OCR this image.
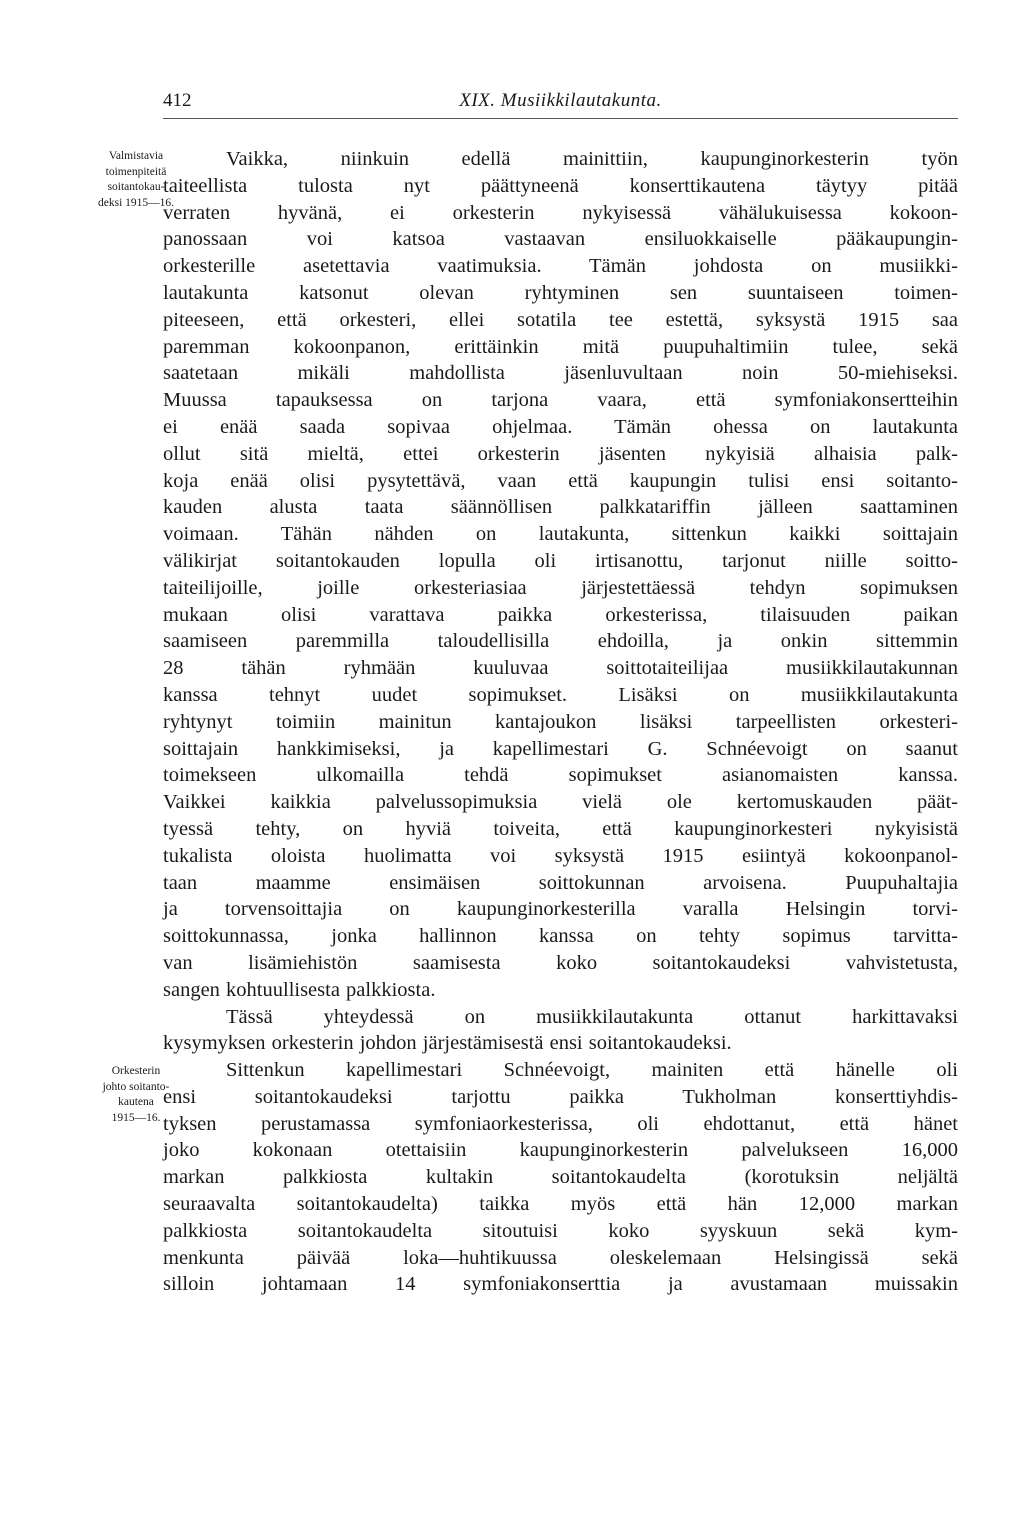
412	XIX. Musiikkilautakunta.
Valmistavia
toimenpiteitä
soitantokau-
deksi 1915—16.
Orkesterin
johto soitanto-
kautena
1915—16.
Vaikka, niinkuin edellä mainittiin, kaupunginorkesterin työn
taiteellista tulosta nyt päättyneenä konserttikautena täytyy pitää
verraten hyvänä, ei orkesterin nykyisessä vähälukuisessa kokoon-
panossaan voi katsoa vastaavan ensiluokkaiselle pääkaupungin-
orkesterille asetettavia vaatimuksia. Tämän johdosta on musiikki-
lautakunta katsonut olevan ryhtyminen sen suuntaiseen toimen-
piteeseen, että orkesteri, ellei sotatila tee estettä, syksystä 1915 saa
paremman kokoonpanon, erittäinkin mitä puupuhaltimiin tulee, sekä
saatetaan mikäli mahdollista jäsenluvultaan noin 50-miehiseksi.
Muussa tapauksessa on tarjona vaara, että symfoniakonsertteihin
ei enää saada sopivaa ohjelmaa. Tämän ohessa on lautakunta
ollut sitä mieltä, ettei orkesterin jäsenten nykyisiä alhaisia palk-
koja enää olisi pysytettävä, vaan että kaupungin tulisi ensi soitanto-
kauden alusta taata säännöllisen palkkatariffin jälleen saattaminen
voimaan. Tähän nähden on lautakunta, sittenkun kaikki soittajain
välikirjat soitantokauden lopulla oli irtisanottu, tarjonut niille soitto-
taiteilijoille, joille orkesteriasiaa järjestettäessä tehdyn sopimuksen
mukaan olisi varattava paikka orkesterissa, tilaisuuden paikan
saamiseen paremmilla taloudellisilla ehdoilla, ja onkin sittemmin
28 tähän ryhmään kuuluvaa soittotaiteilijaa musiikkilautakunnan
kanssa tehnyt uudet sopimukset. Lisäksi on musiikkilautakunta
ryhtynyt toimiin mainitun kantajoukon lisäksi tarpeellisten orkesteri-
soittajain hankkimiseksi, ja kapellimestari G. Schnéevoigt on saanut
toimekseen ulkomailla tehdä sopimukset asianomaisten kanssa.
Vaikkei kaikkia palvelussopimuksia vielä ole kertomuskauden päät-
tyessä tehty, on hyviä toiveita, että kaupunginorkesteri nykyisistä
tukalista oloista huolimatta voi syksystä 1915 esiintyä kokoonpanol-
taan maamme ensimäisen soittokunnan arvoisena. Puupuhaltajia
ja torvensoittajia on kaupunginorkesterilla varalla Helsingin torvi-
soittokunnassa, jonka hallinnon kanssa on tehty sopimus tarvitta-
van lisämiehistön saamisesta koko soitantokaudeksi vahvistetusta,
sangen kohtuullisesta palkkiosta.
Tässä yhteydessä on musiikkilautakunta ottanut harkittavaksi
kysymyksen orkesterin johdon järjestämisestä ensi soitantokaudeksi.
Sittenkun kapellimestari Schnéevoigt, mainiten että hänelle oli
ensi soitantokaudeksi tarjottu paikka Tukholman konserttiyhdis-
tyksen perustamassa symfoniaorkesterissa, oli ehdottanut, että hänet
joko kokonaan otettaisiin kaupunginorkesterin palvelukseen 16,000
markan palkkiosta kultakin soitantokaudelta (korotuksin neljältä
seuraavalta soitantokaudelta) taikka myös että hän 12,000 markan
palkkiosta soitantokaudelta sitoutuisi koko syyskuun sekä kym-
menkunta päivää loka—huhtikuussa oleskelemaan Helsingissä sekä
silloin johtamaan 14 symfoniakonserttia ja avustamaan muissakin
